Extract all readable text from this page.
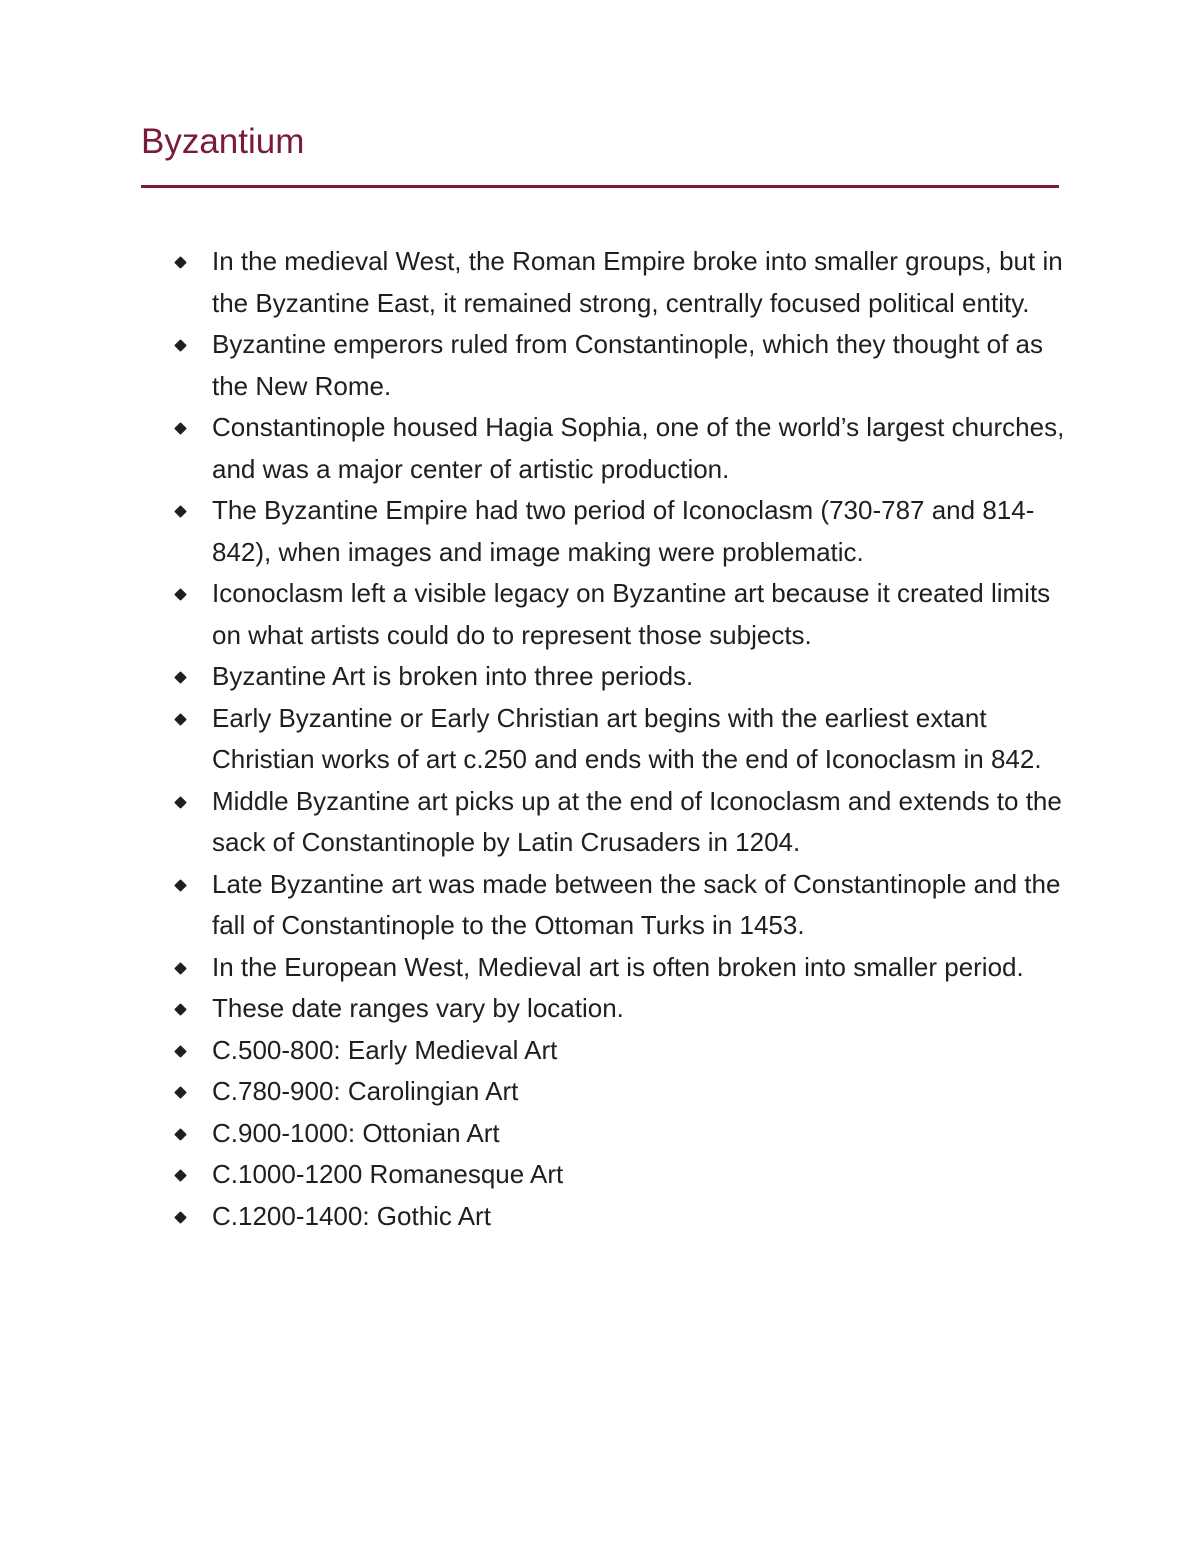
Byzantium
In the medieval West, the Roman Empire broke into smaller groups, but in the Byzantine East, it remained strong, centrally focused political entity.
Byzantine emperors ruled from Constantinople, which they thought of as the New Rome.
Constantinople housed Hagia Sophia, one of the world’s largest churches, and was a major center of artistic production.
The Byzantine Empire had two period of Iconoclasm (730-787 and 814-842), when images and image making were problematic.
Iconoclasm left a visible legacy on Byzantine art because it created limits on what artists could do to represent those subjects.
Byzantine Art is broken into three periods.
Early Byzantine or Early Christian art begins with the earliest extant Christian works of art c.250 and ends with the end of Iconoclasm in 842.
Middle Byzantine art picks up at the end of Iconoclasm and extends to the sack of Constantinople by Latin Crusaders in 1204.
Late Byzantine art was made between the sack of Constantinople and the fall of Constantinople to the Ottoman Turks in 1453.
In the European West, Medieval art is often broken into smaller period.
These date ranges vary by location.
C.500-800: Early Medieval Art
C.780-900: Carolingian Art
C.900-1000: Ottonian Art
C.1000-1200 Romanesque Art
C.1200-1400: Gothic Art
